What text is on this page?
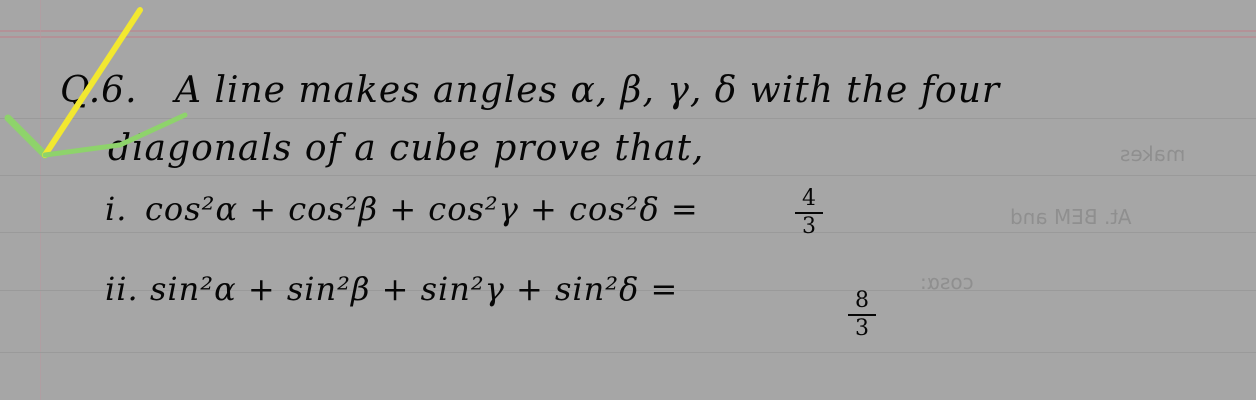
makes
At. BEM and
cosα:
Q.6. A line makes angles α, β, γ, δ with the four
diagonals of a cube prove that,
i. cos²α + cos²β + cos²γ + cos²δ =	4
3
ii. sin²α + sin²β + sin²γ + sin²δ =	8
3
